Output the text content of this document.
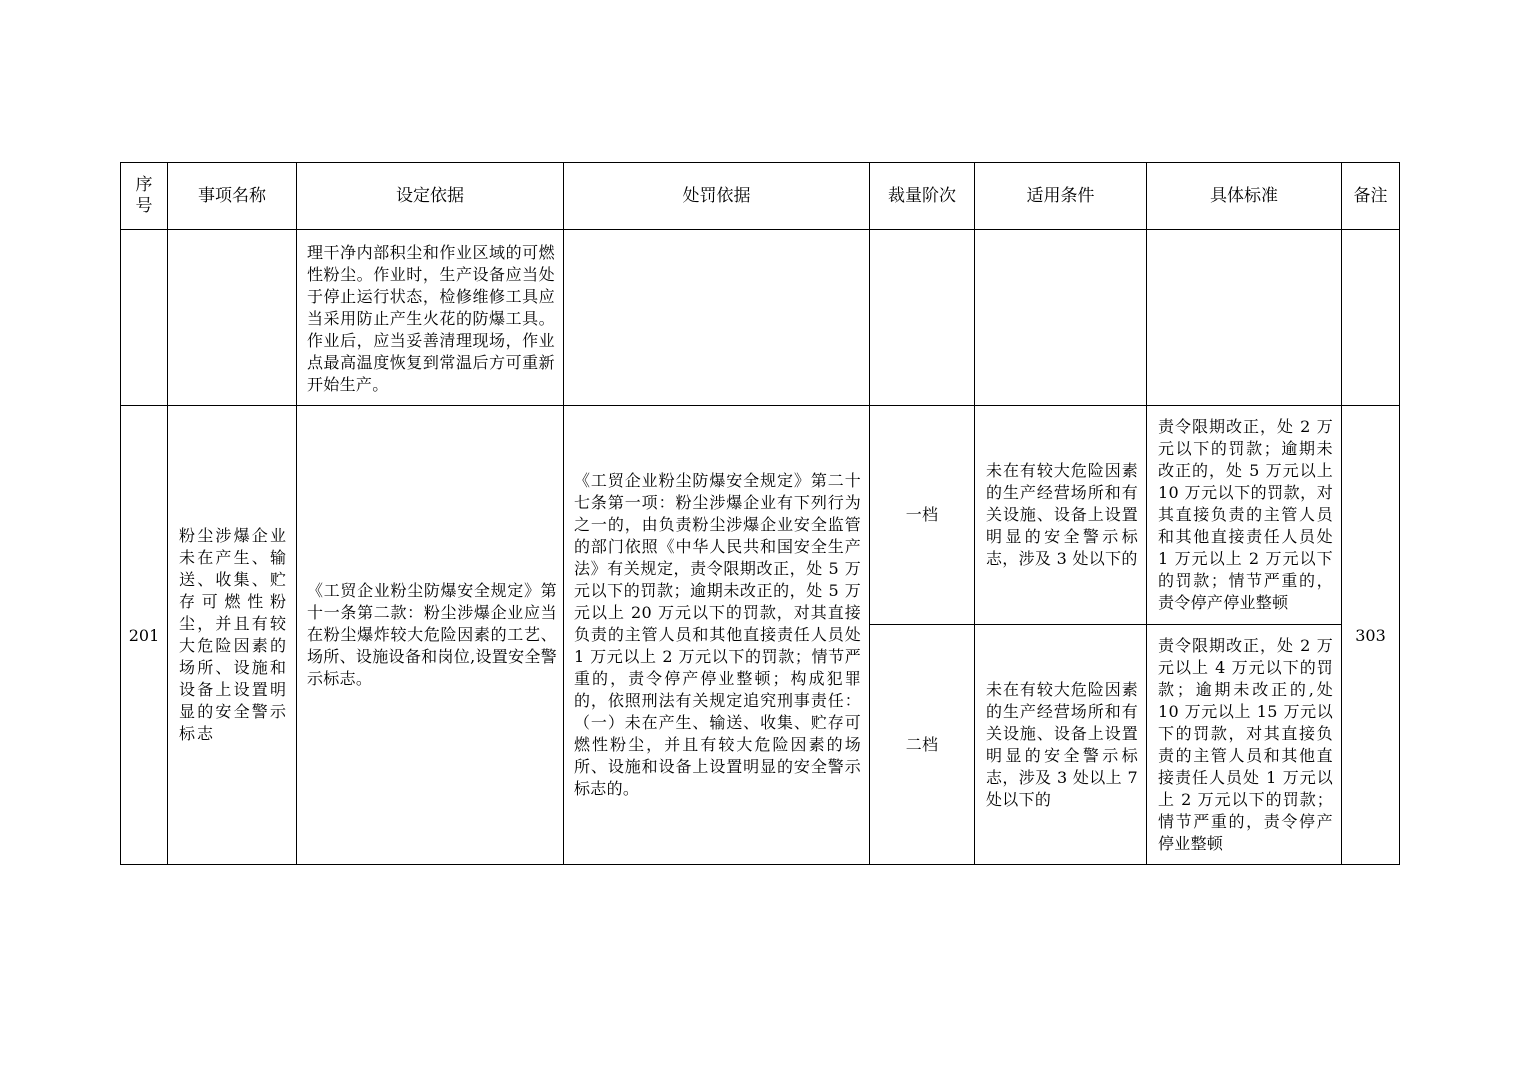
序号	事项名称	设定依据	处罚依据	裁量阶次	适用条件	具体标准	备注

		理干净内部积尘和作业区域的可燃性粉尘。作业时，生产设备应当处于停止运行状态，检修维修工具应当采用防止产生火花的防爆工具。作业后，应当妥善清理现场，作业点最高温度恢复到常温后方可重新开始生产。					

201	粉尘涉爆企业未在产生、输送、收集、贮存可燃性粉尘，并且有较大危险因素的场所、设施和设备上设置明显的安全警示标志	《工贸企业粉尘防爆安全规定》第十一条第二款：粉尘涉爆企业应当在粉尘爆炸较大危险因素的工艺、场所、设施设备和岗位,设置安全警示标志。	《工贸企业粉尘防爆安全规定》第二十七条第一项：粉尘涉爆企业有下列行为之一的，由负责粉尘涉爆企业安全监管的部门依照《中华人民共和国安全生产法》有关规定，责令限期改正，处 5 万元以下的罚款；逾期未改正的，处 5 万元以上 20 万元以下的罚款，对其直接负责的主管人员和其他直接责任人员处 1 万元以上 2 万元以下的罚款；情节严重的，责令停产停业整顿；构成犯罪的，依照刑法有关规定追究刑事责任：（一）未在产生、输送、收集、贮存可燃性粉尘，并且有较大危险因素的场所、设施和设备上设置明显的安全警示标志的。	一档	未在有较大危险因素的生产经营场所和有关设施、设备上设置明显的安全警示标志，涉及 3 处以下的	责令限期改正，处 2 万元以下的罚款；逾期未改正的，处 5 万元以上 10 万元以下的罚款，对其直接负责的主管人员和其他直接责任人员处 1 万元以上 2 万元以下的罚款；情节严重的，责令停产停业整顿	303
				二档	未在有较大危险因素的生产经营场所和有关设施、设备上设置明显的安全警示标志，涉及 3 处以上 7 处以下的	责令限期改正，处 2 万元以上 4 万元以下的罚款；逾期未改正的,处 10 万元以上 15 万元以下的罚款，对其直接负责的主管人员和其他直接责任人员处 1 万元以上 2 万元以下的罚款；情节严重的，责令停产停业整顿	
